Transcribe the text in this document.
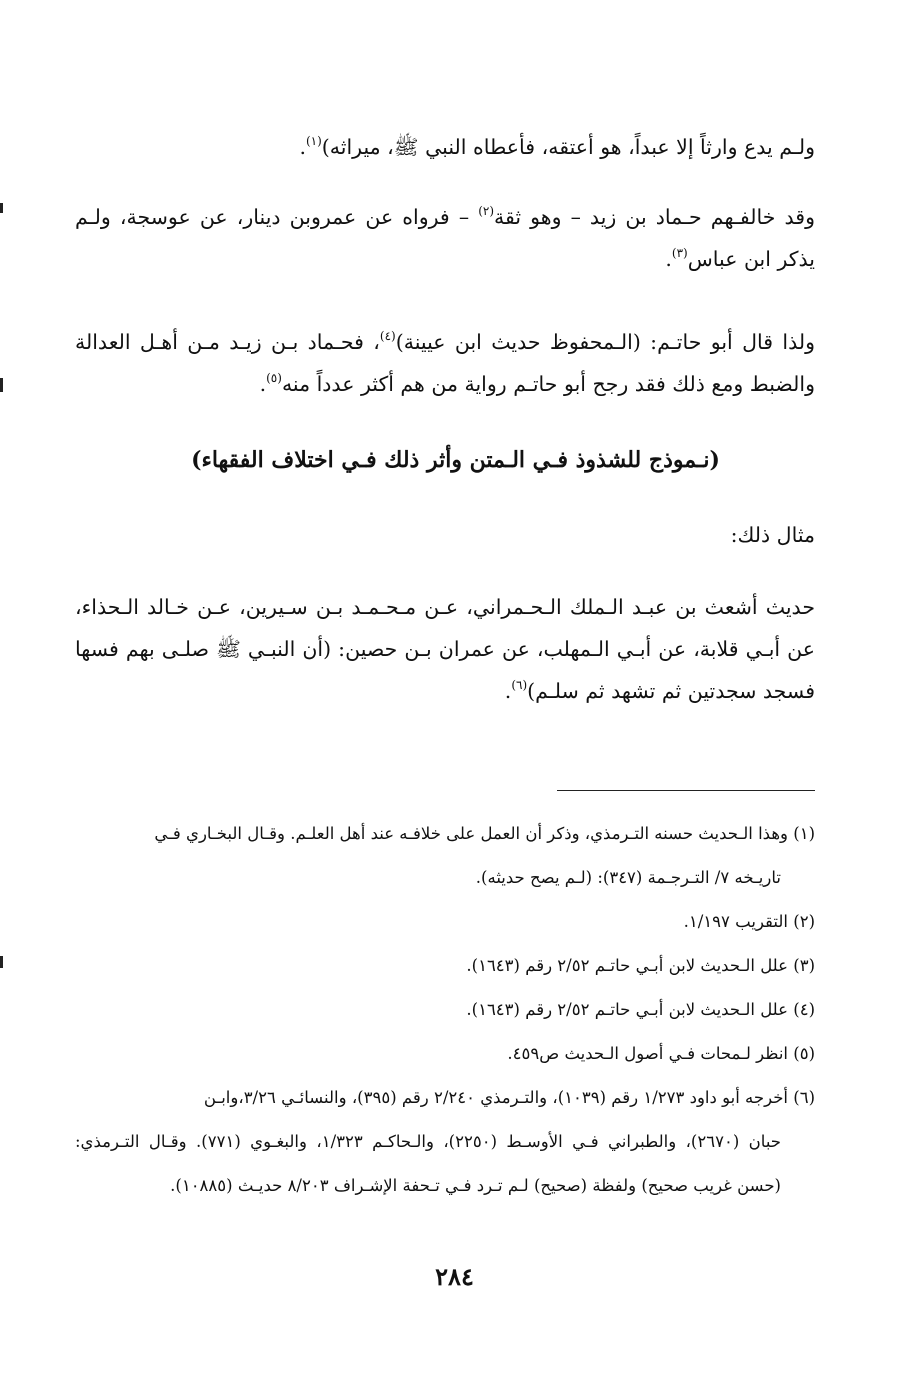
ولـم يدع وارثاً إلا عبداً، هو أعتقه، فأعطاه النبي ﷺ، ميراثه)$^{(١)}$.

وقد خالفـهم حـماد بن زيد – وهو ثقة$^{(٢)}$ – فرواه عن عمروبن دينار، عن عوسجة، ولـم يذكر ابن عباس$^{(٣)}$.

ولذا قال أبو حاتـم: (الـمحفوظ حديث ابن عيينة)$^{(٤)}$، فحـماد بـن زيـد مـن أهـل العدالة والضبط ومع ذلك فقد رجح أبو حاتـم رواية من هم أكثر عدداً منه$^{(٥)}$.

(نـموذج للشذوذ فـي الـمتن وأثر ذلك فـي اختلاف الفقهاء)

مثال ذلك:

حديث أشعث بن عبـد الـملك الـحـمراني، عـن مـحـمـد بـن سـيرين، عـن خـالد الـحذاء، عن أبـي قلابة، عن أبـي الـمهلب، عن عمران بـن حصين: (أن النبـي ﷺ صلـى بهم فسها فسجد سجدتين ثم تشهد ثم سلـم)$^{(٦)}$.

(١) وهذا الـحديث حسنه التـرمذي، وذكر أن العمل على خلافـه عند أهل العلـم. وقـال البخـاري فـي
تاريـخه ٧/ التـرجـمة (٣٤٧): (لـم يصح حديثه).
(٢) التقريب ١/١٩٧.
(٣) علل الـحديث لابن أبـي حاتـم ٢/٥٢ رقم (١٦٤٣).
(٤) علل الـحديث لابن أبـي حاتـم ٢/٥٢ رقم (١٦٤٣).
(٥) انظر لـمحات فـي أصول الـحديث ص٤٥٩.
(٦) أخرجه أبو داود ١/٢٧٣ رقم (١٠٣٩)، والتـرمذي ٢/٢٤٠ رقم (٣٩٥)، والنسائـي ٣/٢٦،وابـن
حبان (٢٦٧٠)، والطبراني فـي الأوسـط (٢٢٥٠)، والـحاكـم ١/٣٢٣، والبغـوي (٧٧١). وقـال التـرمذي: (حسن غريب صحيح) ولفظة (صحيح) لـم تـرد فـي تـحفة الإشـراف ٨/٢٠٣ حديـث (١٠٨٨٥).
٢٨٤
